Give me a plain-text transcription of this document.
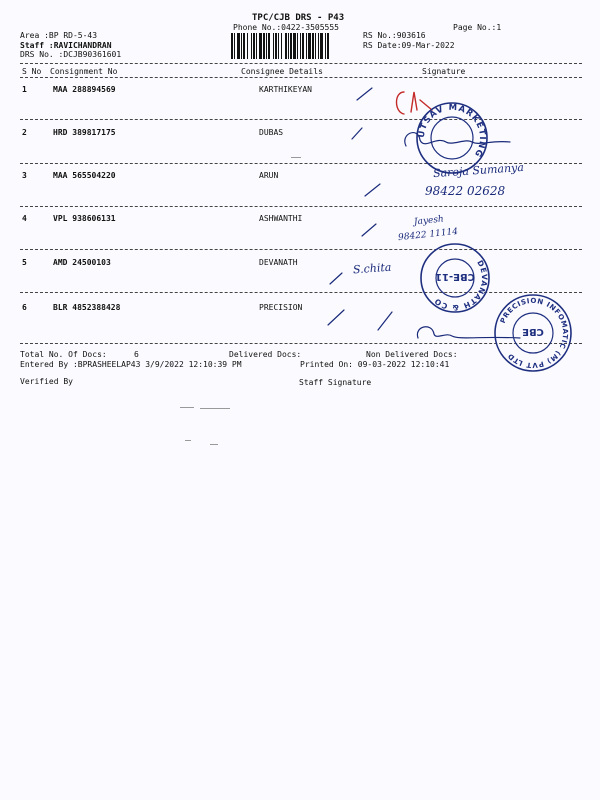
TPC/CJB DRS - P43
Phone No.:0422-3505555	Page No.:1
Area :BP RD-5-43
Staff :RAVICHANDRAN
DRS No. :DCJB90361601
RS No.:903616
RS Date:09-Mar-2022
S No Consignment No	Consignee Details	Signature
1	MAA 288894569	KARTHIKEYAN
2	HRD 389817175	DUBAS
3	MAA 565504220	ARUN
4	VPL 938606131	ASHWANTHI
5	AMD 24500103	DEVANATH
6	BLR 4852388428	PRECISION
Total No. Of Docs:	6	Delivered Docs:	Non Delivered Docs:
Entered By :BPRASHEELAP43 3/9/2022 12:10:39 PM	Printed On: 09-03-2022 12:10:41
Verified By	Staff Signature
Saroja Sumanya
98422 02628
Jayesh
98422 11114
S.chita
UTSAV MARKETING
DEVANATH & CO
CBE-11
PRECISION INFOMATIC (M) PVT LTD
CBE
